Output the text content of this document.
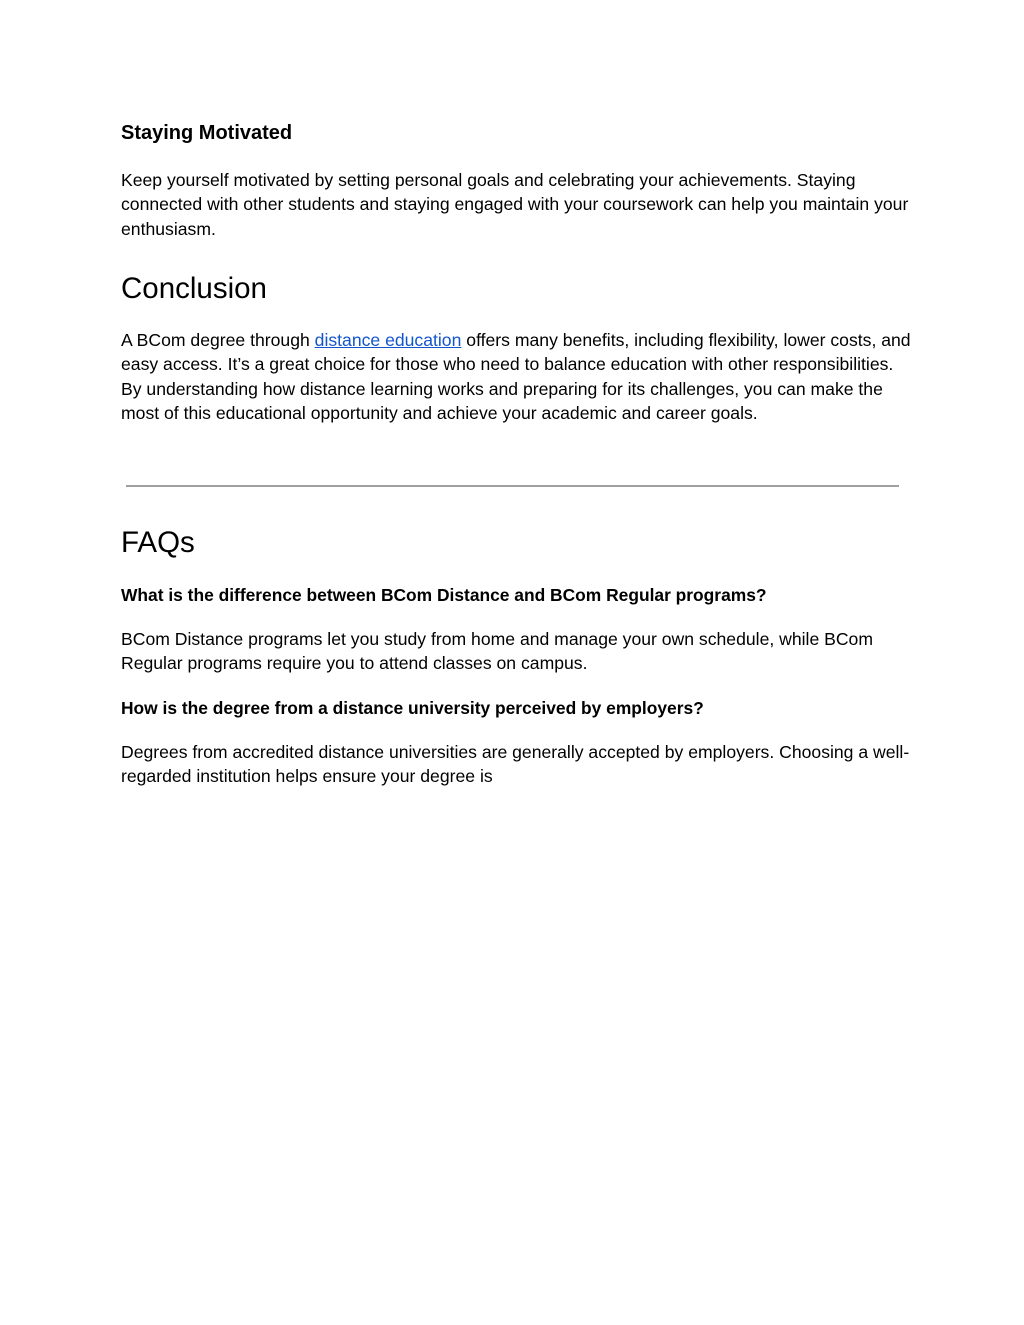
Staying Motivated

Keep yourself motivated by setting personal goals and celebrating your achievements. Staying connected with other students and staying engaged with your coursework can help you maintain your enthusiasm.

Conclusion

A BCom degree through distance education offers many benefits, including flexibility, lower costs, and easy access. It’s a great choice for those who need to balance education with other responsibilities. By understanding how distance learning works and preparing for its challenges, you can make the most of this educational opportunity and achieve your academic and career goals.

FAQs

What is the difference between BCom Distance and BCom Regular programs?

BCom Distance programs let you study from home and manage your own schedule, while BCom Regular programs require you to attend classes on campus.

How is the degree from a distance university perceived by employers?

Degrees from accredited distance universities are generally accepted by employers. Choosing a well-regarded institution helps ensure your degree is
